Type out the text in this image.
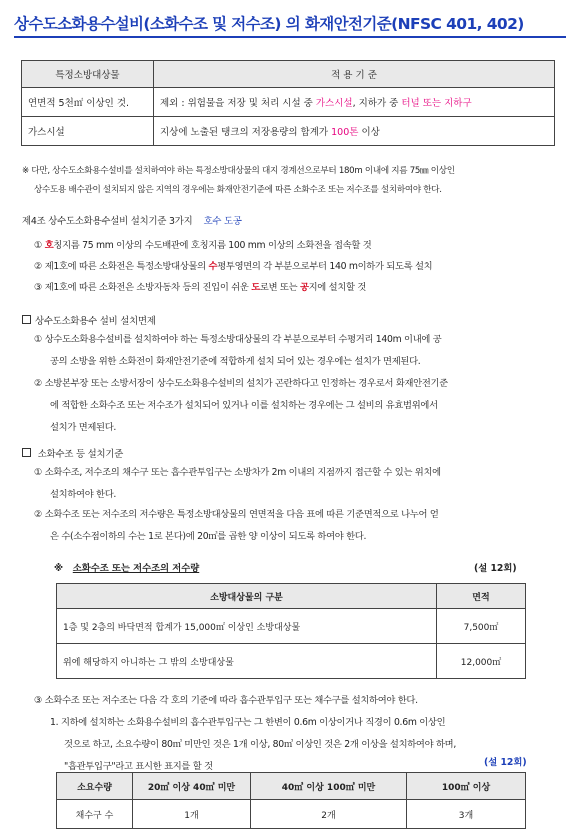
상수도소화용수설비(소화수조 및 저수조) 의 화재안전기준(NFSC 401, 402)
특정소방대상물	적 용 기 준
연면적 5천㎡ 이상인 것.	제외 : 위험물을 저장 및 처리 시설 중 가스시설, 지하가 중 터널 또는 지하구
가스시설	지상에 노출된 탱크의 저장용량의 합계가 100톤 이상
※ 다만, 상수도소화용수설비를 설치하여야 하는 특정소방대상물의 대지 경계선으로부터 180m 이내에 지름 75㎜ 이상인
상수도용 배수관이 설치되지 않은 지역의 경우에는 화재안전기준에 따른 소화수조 또는 저수조를 설치하여야 한다.
제4조 상수도소화용수설비 설치기준 3가지 호수 도공
① 호칭지름 75 mm 이상의 수도배관에 호칭지름 100 mm 이상의 소화전을 접속할 것
② 제1호에 따른 소화전은 특정소방대상물의 수평투영면의 각 부분으로부터 140 m이하가 되도록 설치
③ 제1호에 따른 소화전은 소방자동차 등의 진입이 쉬운 도로변 또는 공지에 설치할 것
상수도소화용수 설비 설치면제
① 상수도소화용수설비를 설치하여야 하는 특정소방대상물의 각 부분으로부터 수평거리 140m 이내에 공
공의 소방을 위한 소화전이 화재안전기준에 적합하게 설치 되어 있는 경우에는 설치가 면제된다.
② 소방본부장 또는 소방서장이 상수도소화용수설비의 설치가 곤란하다고 인정하는 경우로서 화재안전기준
에 적합한 소화수조 또는 저수조가 설치되어 있거나 이를 설치하는 경우에는 그 설비의 유효범위에서
설치가 면제된다.
소화수조 등 설치기준
① 소화수조, 저수조의 채수구 또는 흡수관투입구는 소방차가 2m 이내의 지점까지 접근할 수 있는 위치에
설치하여야 한다.
② 소화수조 또는 저수조의 저수량은 특정소방대상물의 연면적을 다음 표에 따른 기준면적으로 나누어 얻
은 수(소수점이하의 수는 1로 본다)에 20㎥를 곱한 양 이상이 되도록 하여야 한다.
※ 소화수조 또는 저수조의 저수량	(설 12회)
소방대상물의 구분	면적
1층 및 2층의 바닥면적 합계가 15,000㎡ 이상인 소방대상물	7,500㎡
위에 해당하지 아니하는 그 밖의 소방대상물	12,000㎡
③ 소화수조 또는 저수조는 다음 각 호의 기준에 따라 흡수관투입구 또는 채수구를 설치하여야 한다.
1. 지하에 설치하는 소화용수설비의 흡수관투입구는 그 한변이 0.6m 이상이거나 직경이 0.6m 이상인
것으로 하고, 소요수량이 80㎥ 미만인 것은 1개 이상, 80㎥ 이상인 것은 2개 이상을 설치하여야 하며,
"흡관투입구"라고 표시한 표지를 할 것	(설 12회)
소요수량	20㎥ 이상 40㎥ 미만	40㎥ 이상 100㎥ 미만	100㎥ 이상
채수구 수	1개	2개	3개
